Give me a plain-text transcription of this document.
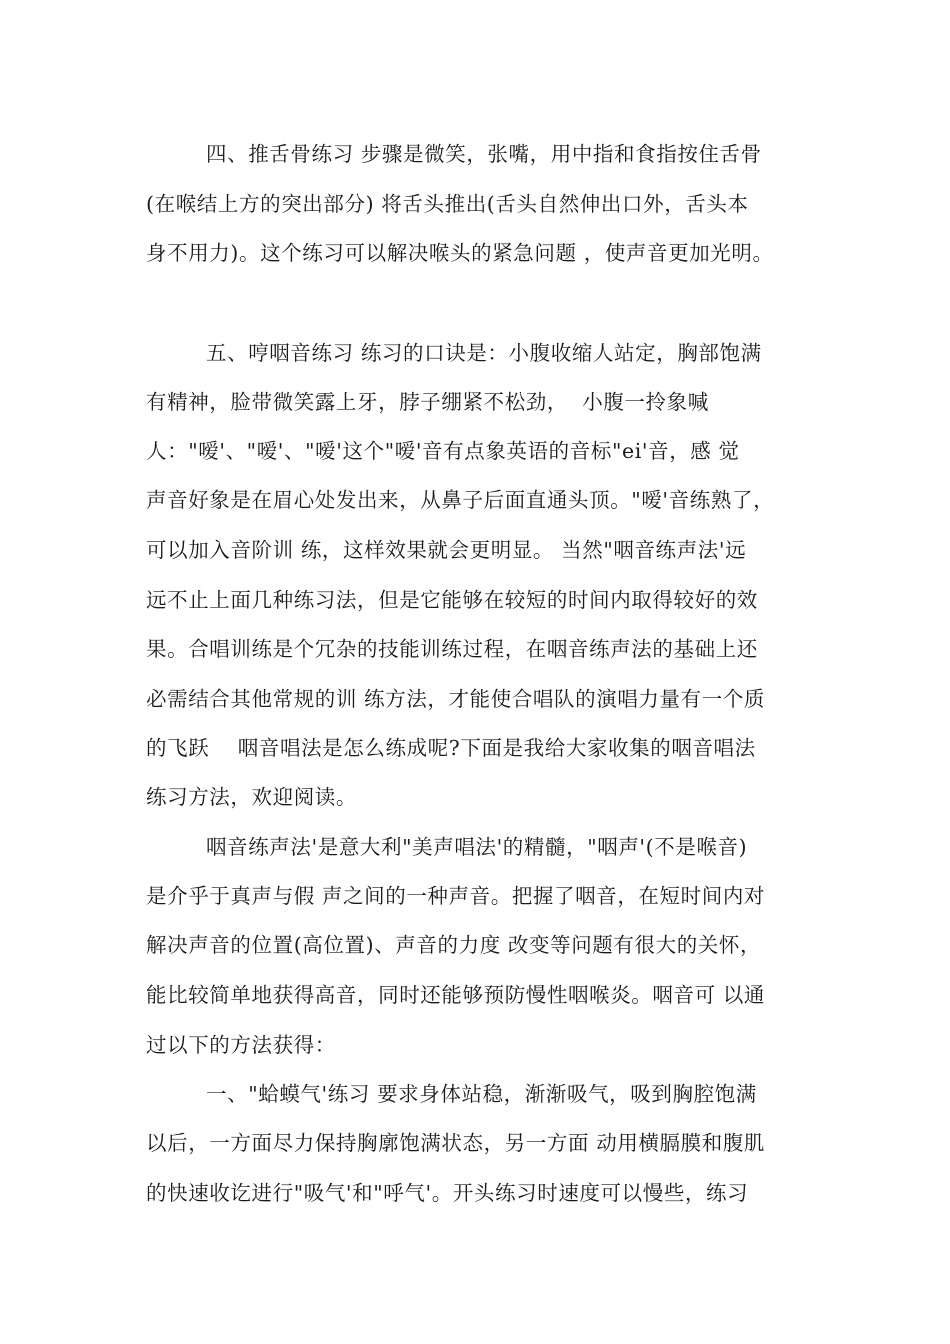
四、推舌骨练习 步骤是微笑，张嘴，用中指和食指按住舌骨
(在喉结上方的突出部分) 将舌头推出(舌头自然伸出口外，舌头本
身不用力)。这个练习可以解决喉头的紧急问题 ，使声音更加光明。
五、哼咽音练习 练习的口诀是：小腹收缩人站定，胸部饱满
有精神，脸带微笑露上牙，脖子绷紧不松劲，  小腹一拎象喊
人："嗳'、"嗳'、"嗳'这个"嗳'音有点象英语的音标"ei'音，感 觉
声音好象是在眉心处发出来，从鼻子后面直通头顶。"嗳'音练熟了，
可以加入音阶训 练，这样效果就会更明显。 当然"咽音练声法'远
远不止上面几种练习法，但是它能够在较短的时间内取得较好的效
果。合唱训练是个冗杂的技能训练过程，在咽音练声法的基础上还
必需结合其他常规的训 练方法，才能使合唱队的演唱力量有一个质
的飞跃    咽音唱法是怎么练成呢?下面是我给大家收集的咽音唱法
练习方法，欢迎阅读。
咽音练声法'是意大利"美声唱法'的精髓，"咽声'(不是喉音)
是介乎于真声与假 声之间的一种声音。把握了咽音，在短时间内对
解决声音的位置(高位置)、声音的力度 改变等问题有很大的关怀，
能比较简单地获得高音，同时还能够预防慢性咽喉炎。咽音可 以通
过以下的方法获得：
一、"蛤蟆气'练习 要求身体站稳，渐渐吸气，吸到胸腔饱满
以后，一方面尽力保持胸廓饱满状态，另一方面 动用横膈膜和腹肌
的快速收讫进行"吸气'和"呼气'。开头练习时速度可以慢些，练习
